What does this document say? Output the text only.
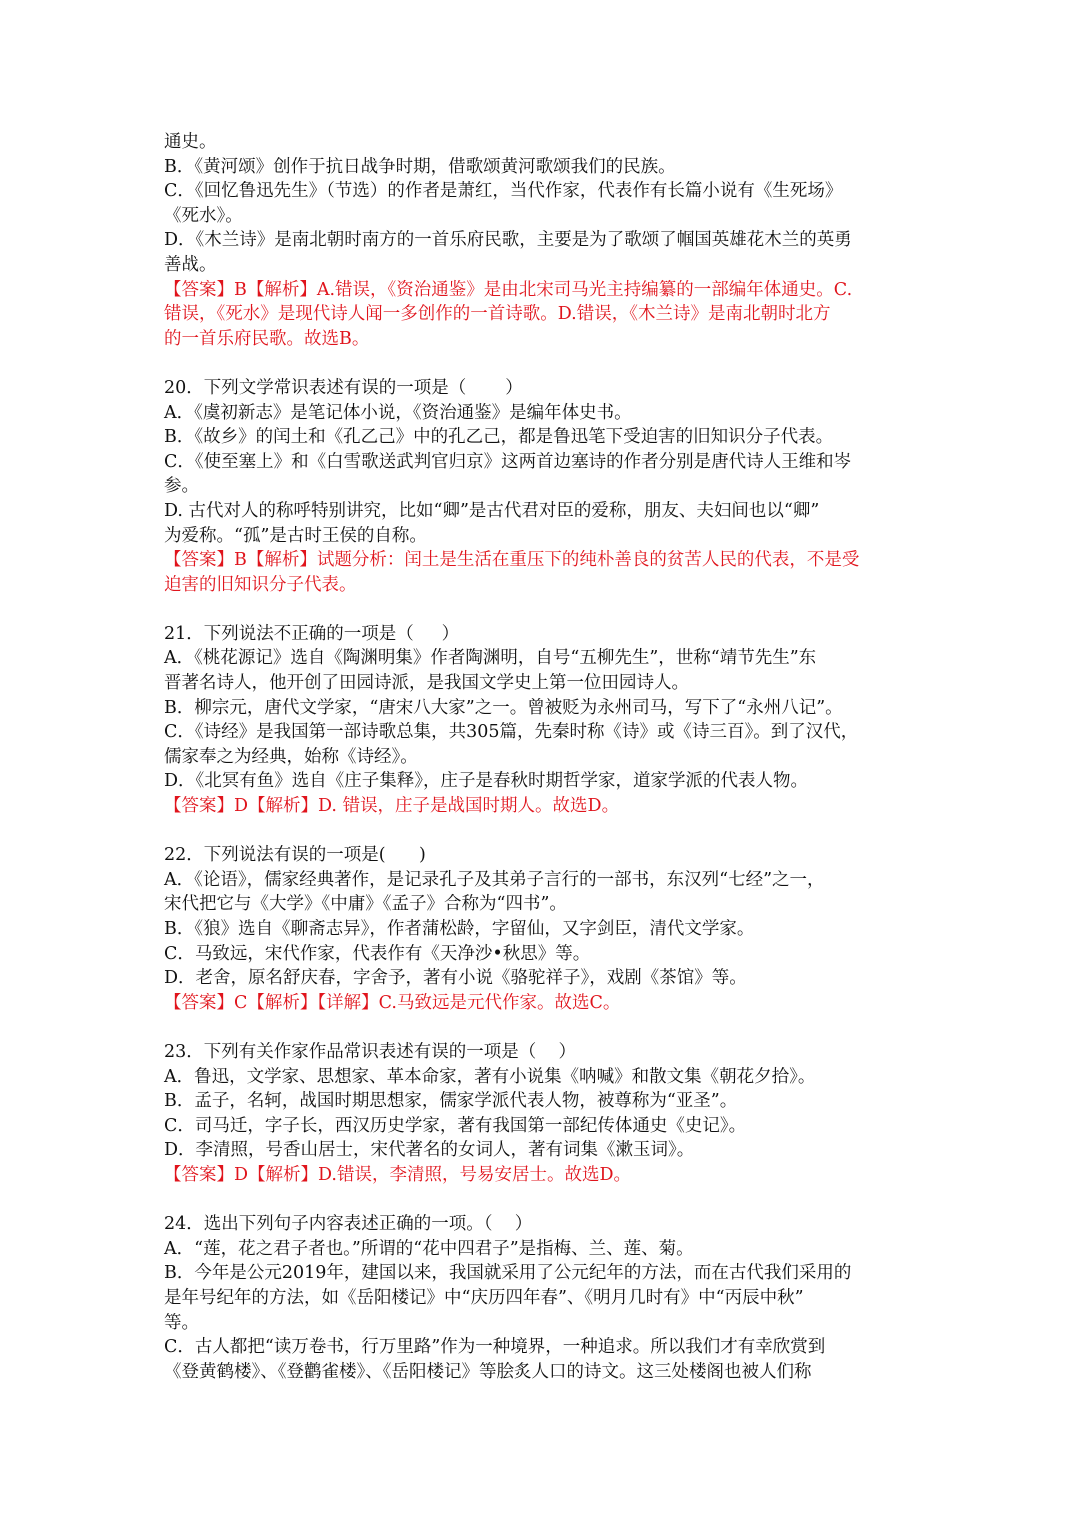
通史。
B．《黄河颂》创作于抗日战争时期，借歌颂黄河歌颂我们的民族。
C．《回忆鲁迅先生》（节选）的作者是萧红，当代作家，代表作有长篇小说有《生死场》
《死水》。
D．《木兰诗》是南北朝时南方的一首乐府民歌，主要是为了歌颂了帼国英雄花木兰的英勇
善战。
【答案】B【解析】A.错误，《资治通鉴》是由北宋司马光主持编纂的一部编年体通史。C.
错误，《死水》是现代诗人闻一多创作的一首诗歌。D.错误，《木兰诗》是南北朝时北方
的一首乐府民歌。故选B。
20．下列文学常识表述有误的一项是（       ）
A．《虞初新志》是笔记体小说，《资治通鉴》是编年体史书。
B．《故乡》的闰土和《孔乙己》中的孔乙己，都是鲁迅笔下受迫害的旧知识分子代表。
C．《使至塞上》和《白雪歌送武判官归京》这两首边塞诗的作者分别是唐代诗人王维和岑
参。
D. 古代对人的称呼特别讲究，比如“卿”是古代君对臣的爱称，朋友、夫妇间也以“卿”
为爱称。“孤”是古时王侯的自称。
【答案】B【解析】试题分析：闰土是生活在重压下的纯朴善良的贫苦人民的代表，不是受
迫害的旧知识分子代表。
21．下列说法不正确的一项是（     ）
A．《桃花源记》选自《陶渊明集》作者陶渊明，自号“五柳先生”，世称“靖节先生”东
晋著名诗人，他开创了田园诗派，是我国文学史上第一位田园诗人。
B．柳宗元，唐代文学家，“唐宋八大家”之一。曾被贬为永州司马，写下了“永州八记”。
C．《诗经》是我国第一部诗歌总集，共305篇，先秦时称《诗》或《诗三百》。到了汉代，
儒家奉之为经典，始称《诗经》。
D．《北冥有鱼》选自《庄子集释》，庄子是春秋时期哲学家，道家学派的代表人物。
【答案】D【解析】D. 错误，庄子是战国时期人。故选D。
22．下列说法有误的一项是(      )
A．《论语》，儒家经典著作，是记录孔子及其弟子言行的一部书，东汉列“七经”之一，
宋代把它与《大学》《中庸》《孟子》合称为“四书”。
B．《狼》选自《聊斋志异》，作者蒲松龄，字留仙，又字剑臣，清代文学家。
C．马致远，宋代作家，代表作有《天净沙•秋思》等。
D．老舍，原名舒庆春，字舍予，著有小说《骆驼祥子》，戏剧《茶馆》等。
【答案】C【解析】【详解】C.马致远是元代作家。故选C。
23．下列有关作家作品常识表述有误的一项是（    ）
A．鲁迅，文学家、思想家、革本命家，著有小说集《呐喊》和散文集《朝花夕拾》。
B．孟子，名轲，战国时期思想家，儒家学派代表人物，被尊称为“亚圣”。
C．司马迁，字子长，西汉历史学家，著有我国第一部纪传体通史《史记》。
D．李清照，号香山居士，宋代著名的女词人，著有词集《漱玉词》。
【答案】D【解析】D.错误，李清照，号易安居士。故选D。
24．选出下列句子内容表述正确的一项。（    ）
A．“莲，花之君子者也。”所谓的“花中四君子”是指梅、兰、莲、菊。
B．今年是公元2019年，建国以来，我国就采用了公元纪年的方法，而在古代我们采用的
是年号纪年的方法，如《岳阳楼记》中“庆历四年春”、《明月几时有》中“丙辰中秋”
等。
C．古人都把“读万卷书，行万里路”作为一种境界，一种追求。所以我们才有幸欣赏到
《登黄鹤楼》、《登鹳雀楼》、《岳阳楼记》等脍炙人口的诗文。这三处楼阁也被人们称
